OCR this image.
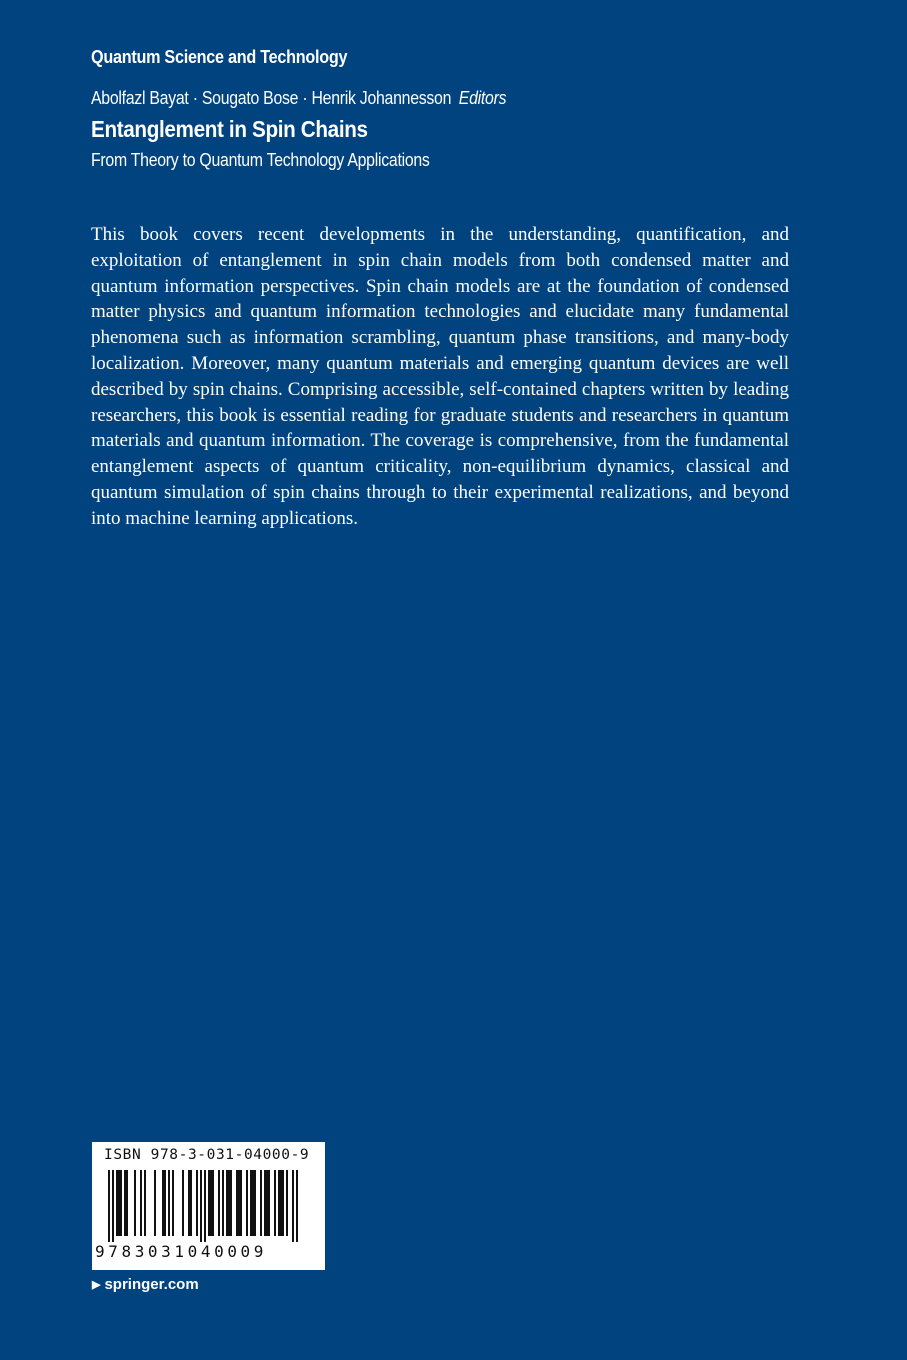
Quantum Science and Technology
Abolfazl Bayat · Sougato Bose · Henrik Johannesson Editors
Entanglement in Spin Chains
From Theory to Quantum Technology Applications

This book covers recent developments in the understanding, quantification, and exploitation of entanglement in spin chain models from both condensed matter and quantum information perspectives. Spin chain models are at the foundation of condensed matter physics and quantum information technologies and elucidate many fundamental phenomena such as information scrambling, quantum phase transitions, and many-body localization. Moreover, many quantum materials and emerging quantum devices are well described by spin chains. Comprising accessible, self-contained chapters written by leading researchers, this book is essential reading for graduate students and researchers in quantum materials and quantum information. The coverage is comprehensive, from the fundamental entanglement aspects of quantum criticality, non-equilibrium dynamics, classical and quantum simulation of spin chains through to their experimental realizations, and beyond into machine learning applications.

ISBN 978-3-031-04000-9
9783031040009
▶ springer.com
